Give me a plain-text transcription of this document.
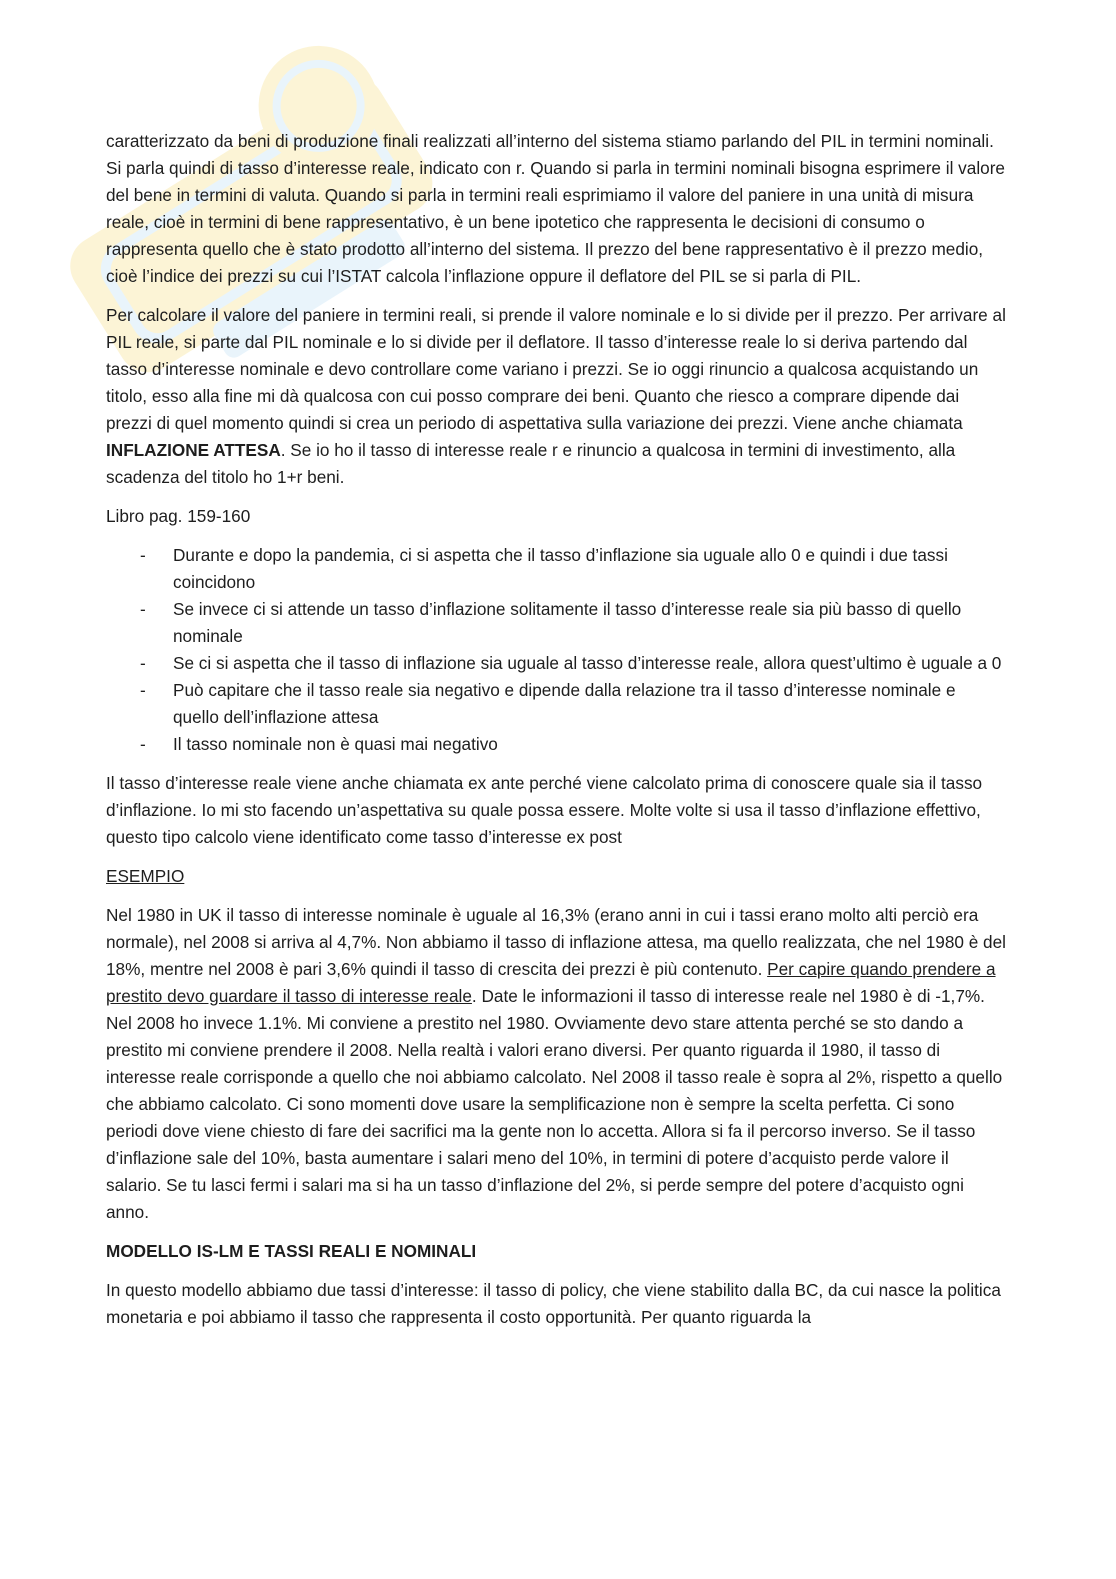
caratterizzato da beni di produzione finali realizzati all’interno del sistema stiamo parlando del PIL in termini nominali. Si parla quindi di tasso d’interesse reale, indicato con r. Quando si parla in termini nominali bisogna esprimere il valore del bene in termini di valuta. Quando si parla in termini reali esprimiamo il valore del paniere in una unità di misura reale, cioè in termini di bene rappresentativo, è un bene ipotetico che rappresenta le decisioni di consumo o rappresenta quello che è stato prodotto all’interno del sistema. Il prezzo del bene rappresentativo è il prezzo medio, cioè l’indice dei prezzi su cui l’ISTAT calcola l’inflazione oppure il deflatore del PIL se si parla di PIL.

Per calcolare il valore del paniere in termini reali, si prende il valore nominale e lo si divide per il prezzo. Per arrivare al PIL reale, si parte dal PIL nominale e lo si divide per il deflatore. Il tasso d’interesse reale lo si deriva partendo dal tasso d’interesse nominale e devo controllare come variano i prezzi. Se io oggi rinuncio a qualcosa acquistando un titolo, esso alla fine mi dà qualcosa con cui posso comprare dei beni. Quanto che riesco a comprare dipende dai prezzi di quel momento quindi si crea un periodo di aspettativa sulla variazione dei prezzi. Viene anche chiamata INFLAZIONE ATTESA. Se io ho il tasso di interesse reale r e rinuncio a qualcosa in termini di investimento, alla scadenza del titolo ho 1+r beni.

Libro pag. 159-160

- Durante e dopo la pandemia, ci si aspetta che il tasso d’inflazione sia uguale allo 0 e quindi i due tassi coincidono
- Se invece ci si attende un tasso d’inflazione solitamente il tasso d’interesse reale sia più basso di quello nominale
- Se ci si aspetta che il tasso di inflazione sia uguale al tasso d’interesse reale, allora quest’ultimo è uguale a 0
- Può capitare che il tasso reale sia negativo e dipende dalla relazione tra il tasso d’interesse nominale e quello dell’inflazione attesa
- Il tasso nominale non è quasi mai negativo

Il tasso d’interesse reale viene anche chiamata ex ante perché viene calcolato prima di conoscere quale sia il tasso d’inflazione. Io mi sto facendo un’aspettativa su quale possa essere. Molte volte si usa il tasso d’inflazione effettivo, questo tipo calcolo viene identificato come tasso d’interesse ex post

ESEMPIO

Nel 1980 in UK il tasso di interesse nominale è uguale al 16,3% (erano anni in cui i tassi erano molto alti perciò era normale), nel 2008 si arriva al 4,7%. Non abbiamo il tasso di inflazione attesa, ma quello realizzata, che nel 1980 è del 18%, mentre nel 2008 è pari 3,6% quindi il tasso di crescita dei prezzi è più contenuto. Per capire quando prendere a prestito devo guardare il tasso di interesse reale. Date le informazioni il tasso di interesse reale nel 1980 è di -1,7%. Nel 2008 ho invece 1.1%. Mi conviene a prestito nel 1980. Ovviamente devo stare attenta perché se sto dando a prestito mi conviene prendere il 2008. Nella realtà i valori erano diversi. Per quanto riguarda il 1980, il tasso di interesse reale corrisponde a quello che noi abbiamo calcolato. Nel 2008 il tasso reale è sopra al 2%, rispetto a quello che abbiamo calcolato. Ci sono momenti dove usare la semplificazione non è sempre la scelta perfetta. Ci sono periodi dove viene chiesto di fare dei sacrifici ma la gente non lo accetta. Allora si fa il percorso inverso. Se il tasso d’inflazione sale del 10%, basta aumentare i salari meno del 10%, in termini di potere d’acquisto perde valore il salario. Se tu lasci fermi i salari ma si ha un tasso d’inflazione del 2%, si perde sempre del potere d’acquisto ogni anno.

MODELLO IS-LM E TASSI REALI E NOMINALI

In questo modello abbiamo due tassi d’interesse: il tasso di policy, che viene stabilito dalla BC, da cui nasce la politica monetaria e poi abbiamo il tasso che rappresenta il costo opportunità. Per quanto riguarda la
